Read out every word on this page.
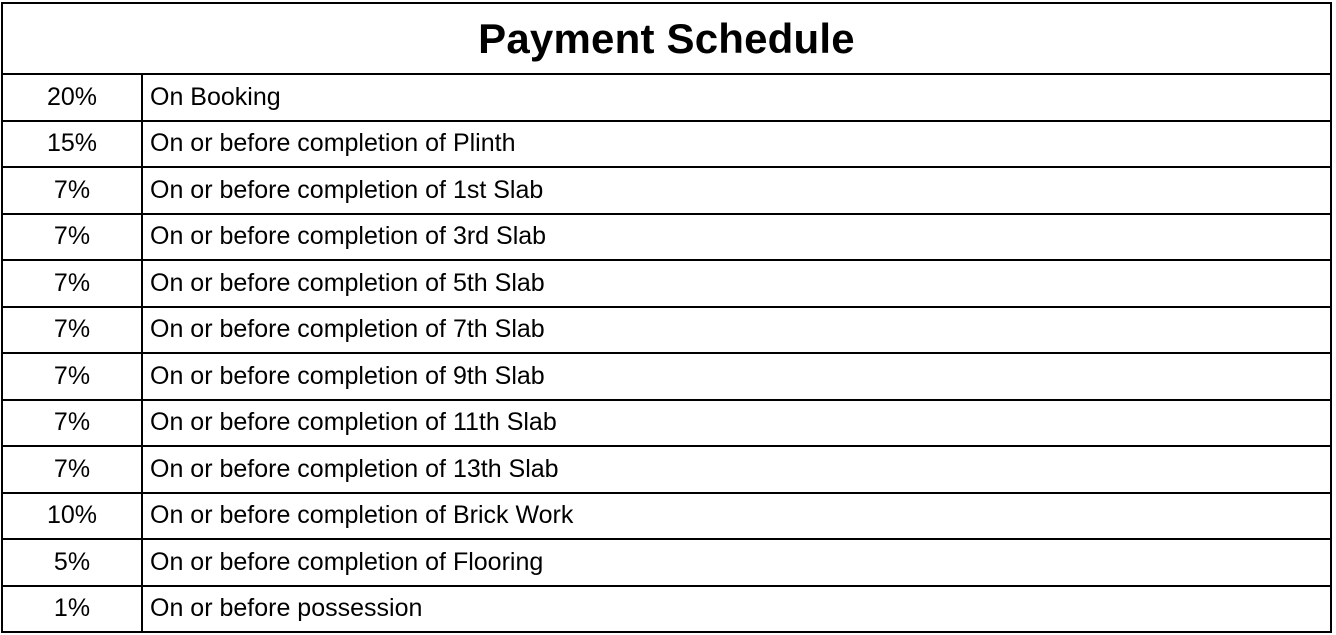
Payment Schedule
20%	On Booking
15%	On or before completion of Plinth
7%	On or before completion of 1st Slab
7%	On or before completion of 3rd Slab
7%	On or before completion of 5th Slab
7%	On or before completion of 7th Slab
7%	On or before completion of 9th Slab
7%	On or before completion of 11th Slab
7%	On or before completion of 13th Slab
10%	On or before completion of Brick Work
5%	On or before completion of Flooring
1%	On or before possession
